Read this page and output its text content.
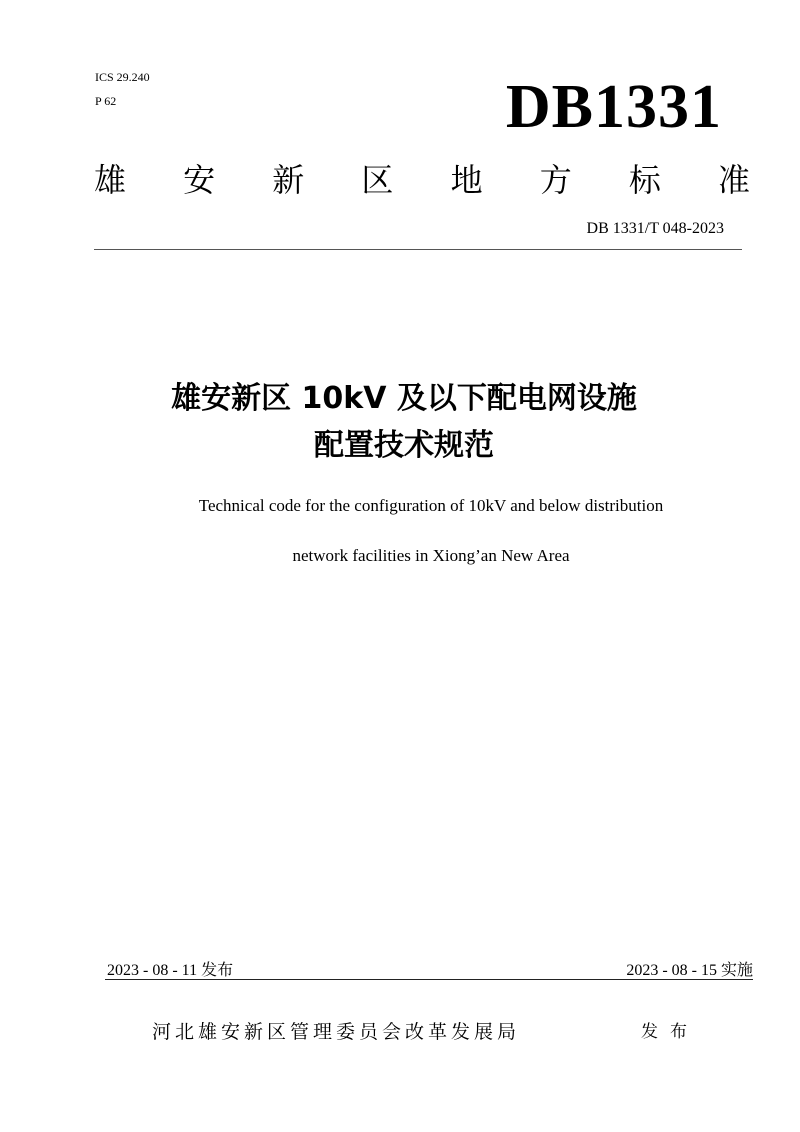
ICS 29.240
P 62	DB1331
雄 安 新 区 地 方 标 准
DB 1331/T 048-2023
雄安新区 10kV 及以下配电网设施
配置技术规范
Technical code for the configuration of 10kV and below distribution
network facilities in Xiong’an New Area
2023 - 08 - 11 发布	2023 - 08 - 15 实施
河北雄安新区管理委员会改革发展局	发布
